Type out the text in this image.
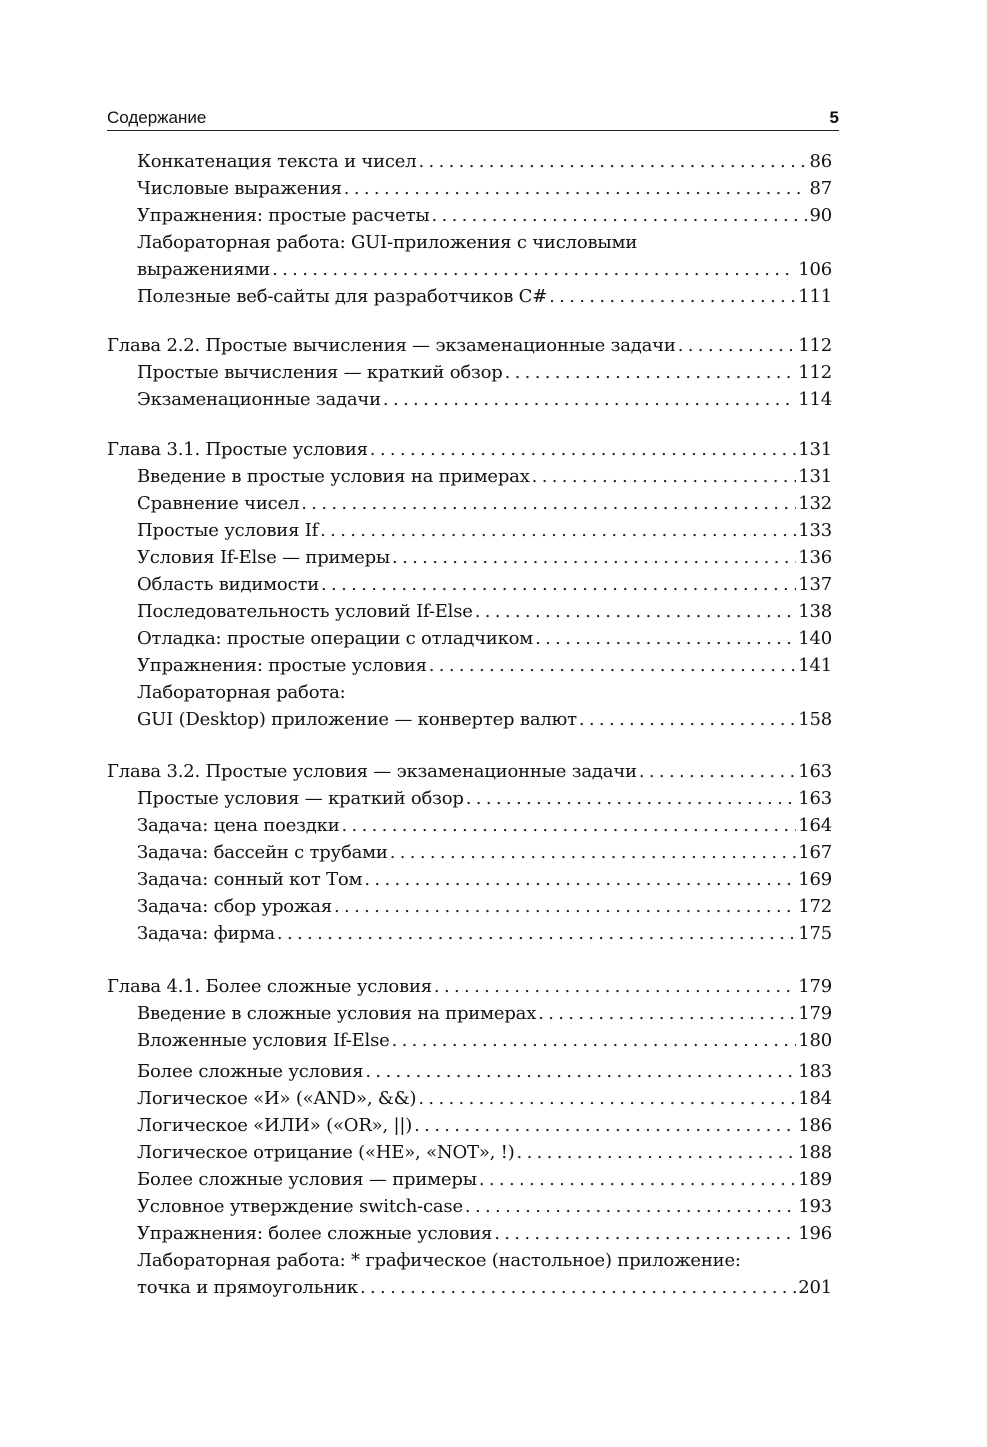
Содержание	5
Конкатенация текста и чисел . . .	86
Числовые выражения . . .	87
Упражнения: простые расчеты . . .	90
Лабораторная работа: GUI-приложения с числовыми
выражениями . . .	106
Полезные веб-сайты для разработчиков C# . . .	111
Глава 2.2. Простые вычисления — экзаменационные задачи . . .	112
Простые вычисления — краткий обзор . . .	112
Экзаменационные задачи . . .	114
Глава 3.1. Простые условия . . .	131
Введение в простые условия на примерах . . .	131
Сравнение чисел . . .	132
Простые условия If . . .	133
Условия If-Else — примеры . . .	136
Область видимости . . .	137
Последовательность условий If-Else . . .	138
Отладка: простые операции с отладчиком . . .	140
Упражнения: простые условия . . .	141
Лабораторная работа:
GUI (Desktop) приложение — конвертер валют . . .	158
Глава 3.2. Простые условия — экзаменационные задачи . . .	163
Простые условия — краткий обзор . . .	163
Задача: цена поездки . . .	164
Задача: бассейн с трубами . . .	167
Задача: сонный кот Том . . .	169
Задача: сбор урожая . . .	172
Задача: фирма . . .	175
Глава 4.1. Более сложные условия . . .	179
Введение в сложные условия на примерах . . .	179
Вложенные условия If-Else . . .	180
Более сложные условия . . .	183
Логическое «И» («AND», &&) . . .	184
Логическое «ИЛИ» («OR», ||) . . .	186
Логическое отрицание («НЕ», «NOT», !) . . .	188
Более сложные условия — примеры . . .	189
Условное утверждение switch-case . . .	193
Упражнения: более сложные условия . . .	196
Лабораторная работа: * графическое (настольное) приложение:
точка и прямоугольник . . .	201
